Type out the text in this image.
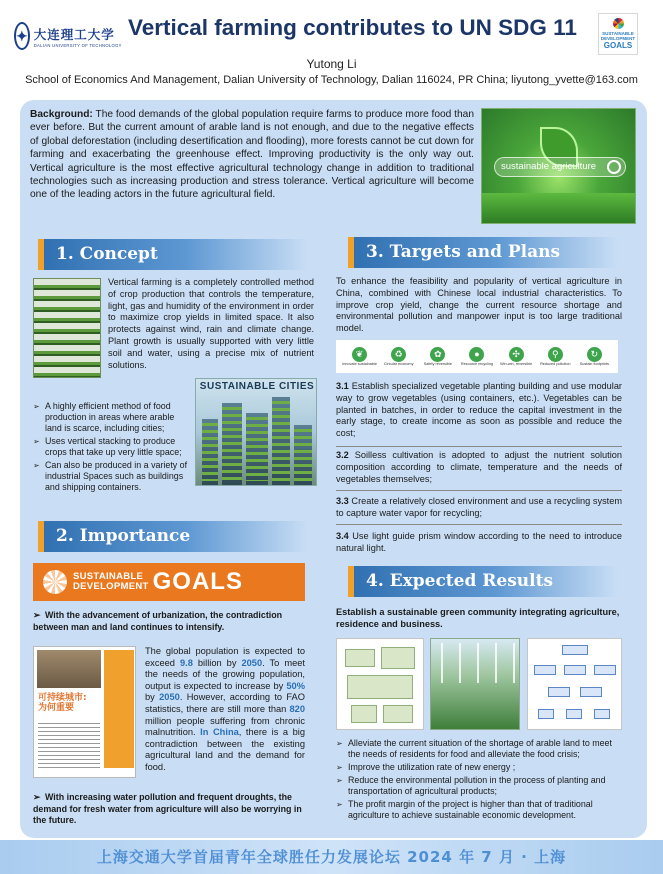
✦ 大连理工大学
DALIAN UNIVERSITY OF TECHNOLOGY
Vertical farming contributes to UN SDG 11	SUSTAINABLE
DEVELOPMENT
GOALS
Yutong Li
School of Economics And Management, Dalian University of Technology, Dalian 116024, PR China; liyutong_yvette@163.com
Background: The food demands of the global population require farms to produce more food than ever before. But the current amount of arable land is not enough, and due to the negative effects of global deforestation (including desertification and flooding), more forests cannot be cut down for farming and exacerbating the greenhouse effect. Improving productivity is the only way out. Vertical agriculture is the most effective agricultural technology change in addition to traditional technologies such as increasing production and stress tolerance. Vertical agriculture will become one of the leading actors in the future agricultural field.
sustainable agriculture
1. Concept
Vertical farming is a completely controlled method of crop production that controls the temperature, light, gas and humidity of the environment in order to maximize crop yields in limited space. It also protects against wind, rain and climate change. Plant growth is usually supported with very little soil and water, using a precise mix of nutrient solutions.
➢ A highly efficient method of food production in areas where arable land is scarce, including cities;
➢ Uses vertical stacking to produce crops that take up very little space;
➢ Can also be produced in a variety of industrial Spaces such as buildings and shipping containers.
SUSTAINABLE CITIES
2. Importance
SUSTAINABLE
DEVELOPMENT GOALS
➢ With the advancement of urbanization, the contradiction between man and land continues to intensify.
可持续城市:
为何重要
The global population is expected to exceed 9.8 billion by 2050. To meet the needs of the growing population, output is expected to increase by 50% by 2050. However, according to FAO statistics, there are still more than 820 million people suffering from chronic malnutrition. In China, there is a big contradiction between the existing agricultural land and the demand for food.
➢ With increasing water pollution and frequent droughts, the demand for fresh water from agriculture will also be worrying in the future.
3. Targets and Plans
To enhance the feasibility and popularity of vertical agriculture in China, combined with Chinese local industrial characteristics. To improve crop yield, change the current resource shortage and environmental pollution and manpower input is too large traditional model.
❦
Innovate sustainable
♻
Circular economy
✿
Safety reversible
●
Resource recycling
✣
Win-win, reversible
⚲
Reduced pollution
↻
Sustain footprints
3.1 Establish specialized vegetable planting building and use modular way to grow vegetables (using containers, etc.). Vegetables can be planted in batches, in order to reduce the capital investment in the early stage, to create income as soon as possible and reduce the cost;
3.2 Soilless cultivation is adopted to adjust the nutrient solution composition according to climate, temperature and the needs of vegetables themselves;
3.3 Create a relatively closed environment and use a recycling system to capture water vapor for recycling;
3.4 Use light guide prism window according to the need to introduce natural light.
4. Expected Results
Establish a sustainable green community integrating agriculture, residence and business.
➢ Alleviate the current situation of the shortage of arable land to meet the needs of residents for food and alleviate the food crisis;
➢ Improve the utilization rate of new energy ;
➢ Reduce the environmental pollution in the process of planting and transportation of agricultural products;
➢ The profit margin of the project is higher than that of traditional agriculture to achieve sustainable economic development.
上海交通大学首届青年全球胜任力发展论坛 2024 年 7 月 · 上海
